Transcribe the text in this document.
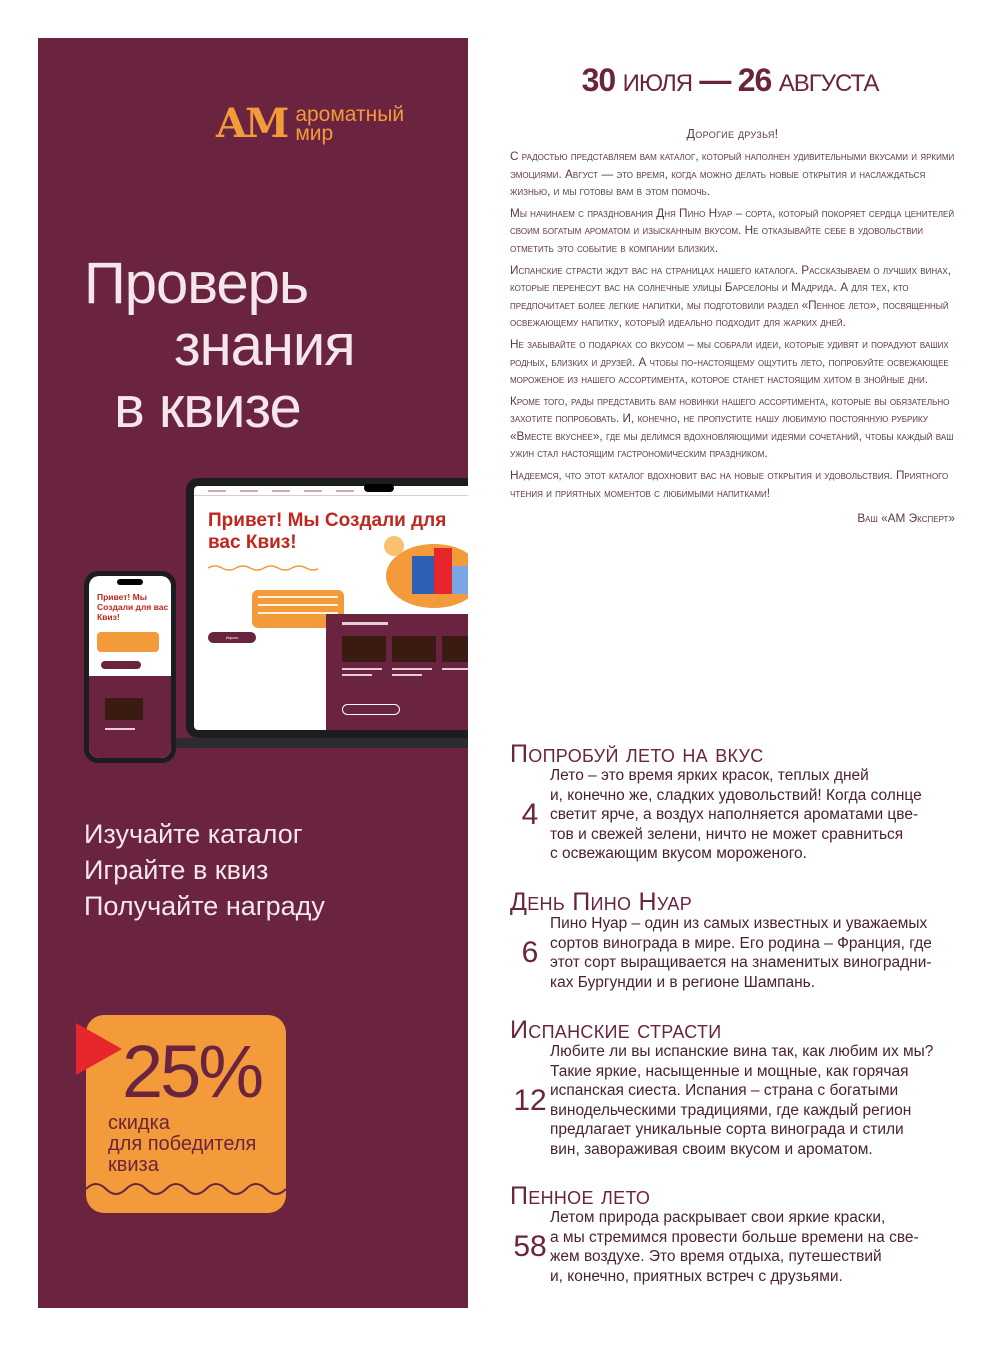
AM ароматный
мир
Проверь
знания
в квизе
Привет! Мы Создали для вас Квиз!
Играть
Привет! Мы Создали для вас Квиз!
Изучайте каталог
Играйте в квиз
Получайте награду
25%
скидка
для победителя
квиза
30 ИЮЛЯ — 26 АВГУСТА
Дорогие друзья!

С радостью представляем вам каталог, который наполнен удивительными вкусами и яркими эмоциями. Август — это время, когда можно делать новые открытия и наслаждаться жизнью, и мы готовы вам в этом помочь.

Мы начинаем с празднования Дня Пино Нуар – сорта, который покоряет сердца ценителей своим богатым ароматом и изысканным вкусом. Не отказывайте себе в удовольствии отметить это событие в компании близких.

Испанские страсти ждут вас на страницах нашего каталога. Рассказываем о лучших винах, которые перенесут вас на солнечные улицы Барселоны и Мадрида. А для тех, кто предпочитает более легкие напитки, мы подготовили раздел «Пенное лето», посвященный освежающему напитку, который идеально подходит для жарких дней.

Не забывайте о подарках со вкусом – мы собрали идеи, которые удивят и порадуют ваших родных, близких и друзей. А чтобы по-настоящему ощутить лето, попробуйте освежающее мороженое из нашего ассортимента, которое станет настоящим хитом в знойные дни.

Кроме того, рады представить вам новинки нашего ассортимента, которые вы обязательно захотите попробовать. И, конечно, не пропустите нашу любимую постоянную рубрику «Вместе вкуснее», где мы делимся вдохновляющими идеями сочетаний, чтобы каждый ваш ужин стал настоящим гастрономическим праздником.

Надеемся, что этот каталог вдохновит вас на новые открытия и удовольствия. Приятного чтения и приятных моментов с любимыми напитками!

Ваш «АМ Эксперт»
Попробуй лето на вкус
4
Лето – это время ярких красок, теплых дней
и, конечно же, сладких удовольствий! Когда солнце
светит ярче, а воздух наполняется ароматами цве-
тов и свежей зелени, ничто не может сравниться
с освежающим вкусом мороженого.
День Пино Нуар
6
Пино Нуар – один из самых известных и уважаемых
сортов винограда в мире. Его родина – Франция, где
этот сорт выращивается на знаменитых виноградни-
ках Бургундии и в регионе Шампань.
Испанские страсти
12
Любите ли вы испанские вина так, как любим их мы?
Такие яркие, насыщенные и мощные, как горячая
испанская сиеста. Испания – страна с богатыми
винодельческими традициями, где каждый регион
предлагает уникальные сорта винограда и стили
вин, завораживая своим вкусом и ароматом.
Пенное лето
58
Летом природа раскрывает свои яркие краски,
а мы стремимся провести больше времени на све-
жем воздухе. Это время отдыха, путешествий
и, конечно, приятных встреч с друзьями.
